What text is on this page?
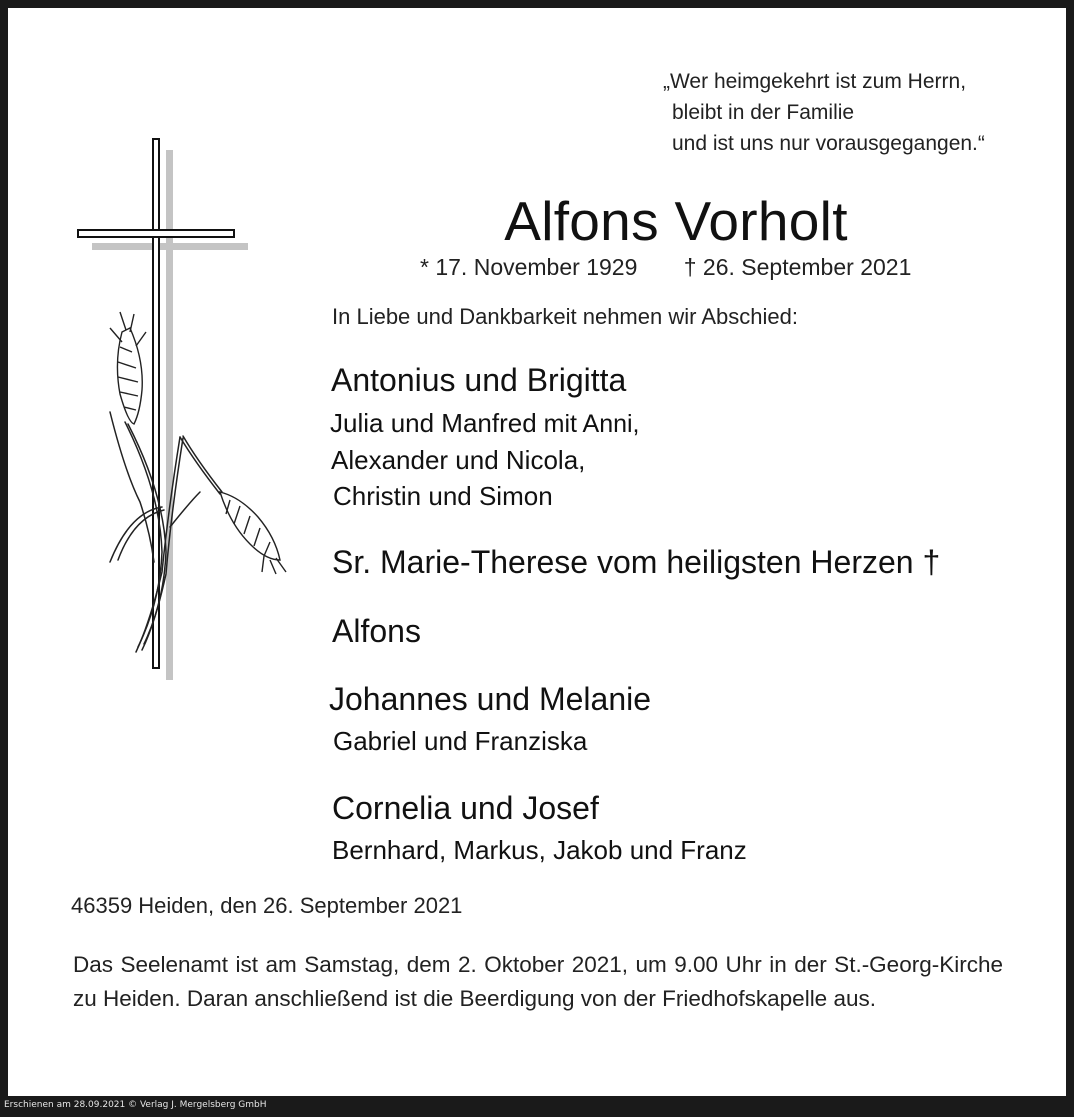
„Wer heimgekehrt ist zum Herrn,
bleibt in der Familie
und ist uns nur vorausgegangen.“
Alfons Vorholt
* 17. November 1929 † 26. September 2021
In Liebe und Dankbarkeit nehmen wir Abschied:
Antonius und Brigitta
Julia und Manfred mit Anni,
Alexander und Nicola,
Christin und Simon
Sr. Marie-Therese vom heiligsten Herzen †
Alfons
Johannes und Melanie
Gabriel und Franziska
Cornelia und Josef
Bernhard, Markus, Jakob und Franz
46359 Heiden, den 26. September 2021
Das Seelenamt ist am Samstag, dem 2. Oktober 2021, um 9.00 Uhr in der St.-Georg-Kirche zu Heiden. Daran anschließend ist die Beerdigung von der Friedhofskapelle aus.
Erschienen am 28.09.2021 © Verlag J. Mergelsberg GmbH
